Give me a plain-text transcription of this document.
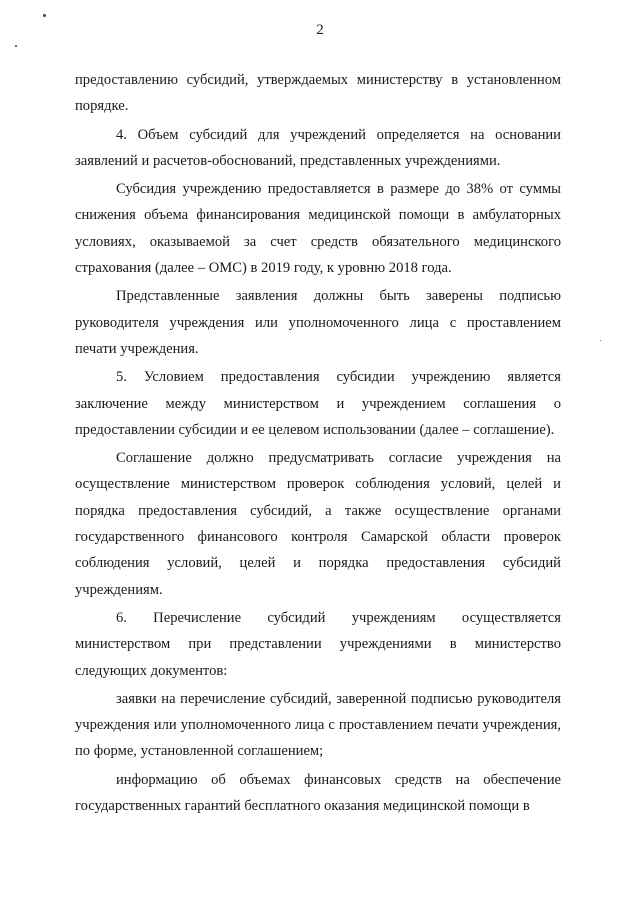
2

предоставлению субсидий, утверждаемых министерству в установленном порядке.

4. Объем субсидий для учреждений определяется на основании заявлений и расчетов-обоснований, представленных учреждениями.

Субсидия учреждению предоставляется в размере до 38% от суммы снижения объема финансирования медицинской помощи в амбулаторных условиях, оказываемой за счет средств обязательного медицинского страхования (далее – ОМС) в 2019 году, к уровню 2018 года.

Представленные заявления должны быть заверены подписью руководителя учреждения или уполномоченного лица с проставлением печати учреждения.

5. Условием предоставления субсидии учреждению является заключение между министерством и учреждением соглашения о предоставлении субсидии и ее целевом использовании (далее – соглашение).

Соглашение должно предусматривать согласие учреждения на осуществление министерством проверок соблюдения условий, целей и порядка предоставления субсидий, а также осуществление органами государственного финансового контроля Самарской области проверок соблюдения условий, целей и порядка предоставления субсидий учреждениям.

6. Перечисление субсидий учреждениям осуществляется министерством при представлении учреждениями в министерство следующих документов:

заявки на перечисление субсидий, заверенной подписью руководителя учреждения или уполномоченного лица с проставлением печати учреждения, по форме, установленной соглашением;

информацию об объемах финансовых средств на обеспечение государственных гарантий бесплатного оказания медицинской помощи в
